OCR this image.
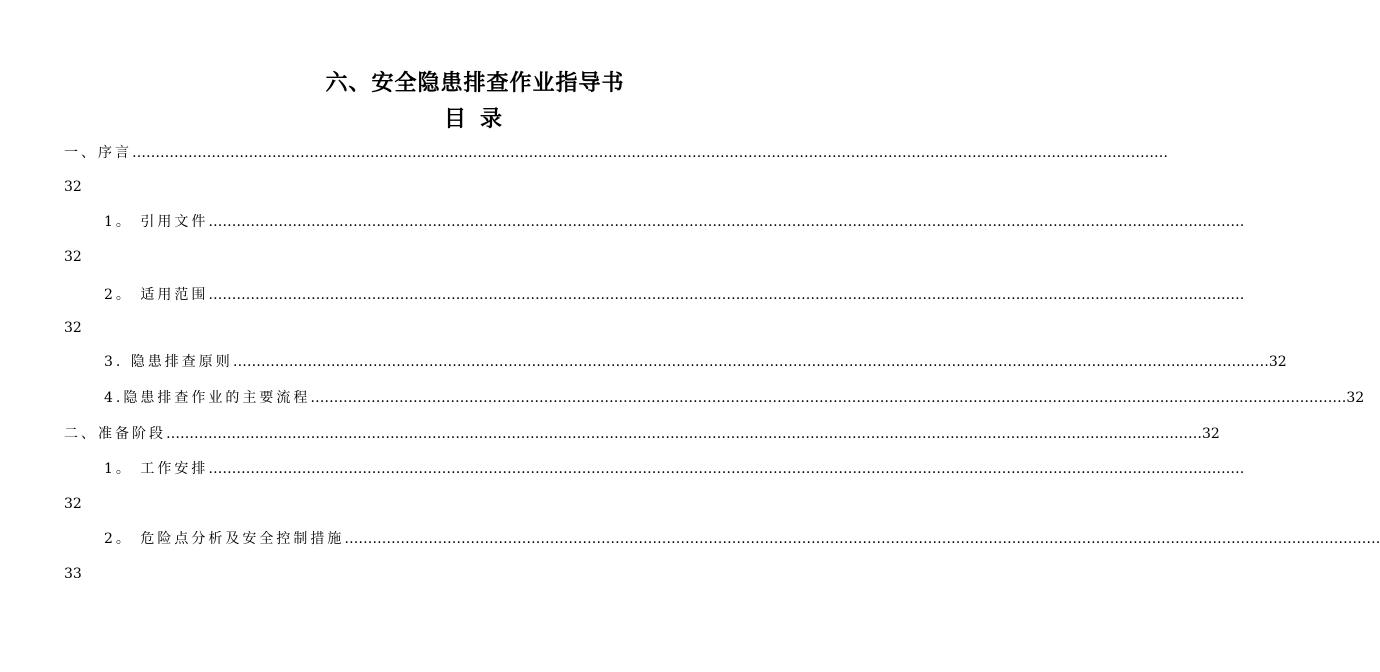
六、安全隐患排查作业指导书
目录
一、序言 ……………………………………………………………………………………………………………………………………………………………………………………………………
32
1。 引用文件 ……………………………………………………………………………………………………………………………………………………………………………………………………
32
2。 适用范围 ……………………………………………………………………………………………………………………………………………………………………………………………………
32
3. 隐患排查原则 …………………………………………………………………………………………………………………………………………………………………………………………………… 32
4.隐患排查作业的主要流程 …………………………………………………………………………………………………………………………………………………………………………………………………… 32
二、准备阶段 …………………………………………………………………………………………………………………………………………………………………………………………………… 32
1。 工作安排 ……………………………………………………………………………………………………………………………………………………………………………………………………
32
2。 危险点分析及安全控制措施 ……………………………………………………………………………………………………………………………………………………………………………………………………
33
